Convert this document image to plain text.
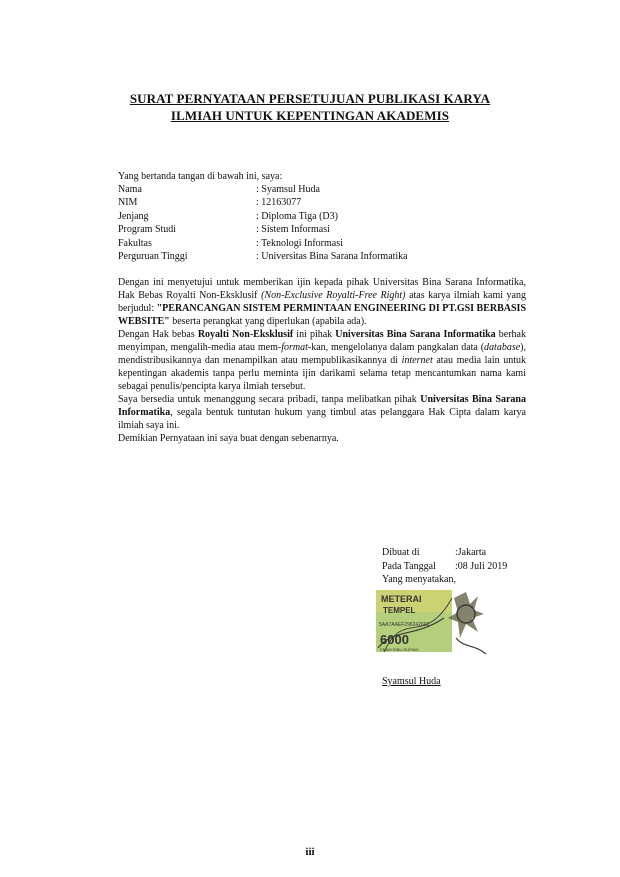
SURAT PERNYATAAN PERSETUJUAN PUBLIKASI KARYA
ILMIAH UNTUK KEPENTINGAN AKADEMIS

Yang bertanda tangan di bawah ini, saya:

Nama	: Syamsul Huda
NIM	: 12163077
Jenjang	: Diploma Tiga (D3)
Program Studi	: Sistem Informasi
Fakultas	: Teknologi Informasi
Perguruan Tinggi	: Universitas Bina Sarana Informatika

Dengan ini menyetujui untuk memberikan ijin kepada pihak Universitas Bina Sarana Informatika, Hak Bebas Royalti Non-Eksklusif (Non-Exclusive Royalti-Free Right) atas karya ilmiah kami yang berjudul: "PERANCANGAN SISTEM PERMINTAAN ENGINEERING DI PT.GSI BERBASIS WEBSITE" beserta perangkat yang diperlukan (apabila ada).

Dengan Hak bebas Royalti Non-Eksklusif ini pihak Universitas Bina Sarana Informatika berhak menyimpan, mengalih-media atau mem-format-kan, mengelolanya dalam pangkalan data (database), mendistribusikannya dan menampilkan atau mempublikasikannya di internet atau media lain untuk kepentingan akademis tanpa perlu meminta ijin darikami selama tetap mencantumkan nama kami sebagai penulis/pencipta karya ilmiah tersebut.

Saya bersedia untuk menanggung secara pribadi, tanpa melibatkan pihak Universitas Bina Sarana Informatika, segala bentuk tuntutan hukum yang timbul atas pelanggara Hak Cipta dalam karya ilmiah saya ini.

Demikian Pernyataan ini saya buat dengan sebenarnya.

Dibuat di	:Jakarta
Pada Tanggal :08 Juli 2019
Yang menyatakan,
METERAI
TEMPEL
5AA7AAEF296242603
6000
ENAM RIBU RUPIAH
Syamsul Huda
iii
